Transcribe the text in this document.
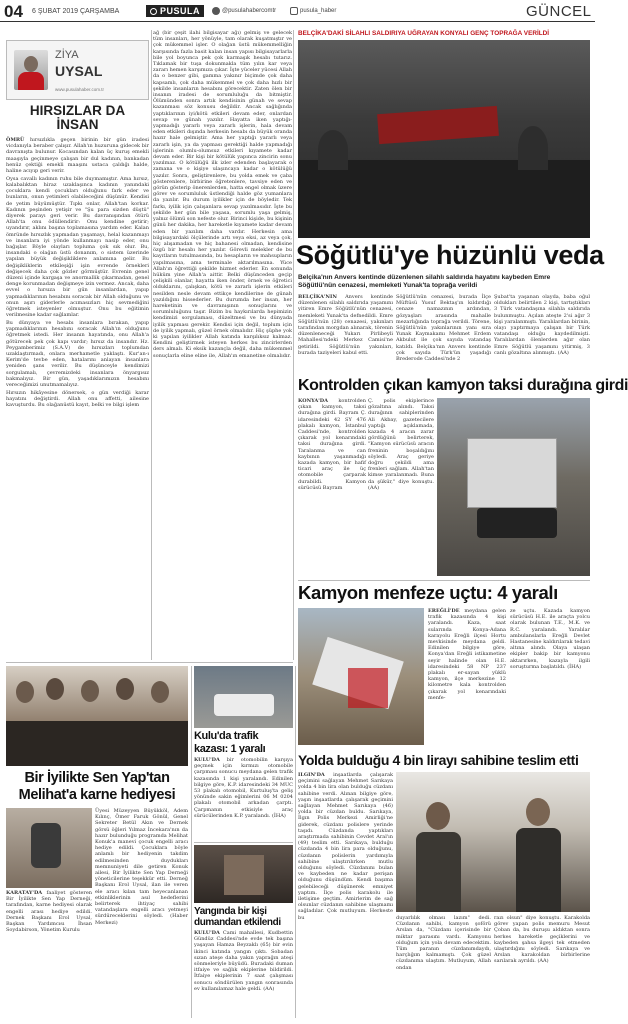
04 6 ŞUBAT 2019 ÇARŞAMBA	PUSULA	@pusulahabercomtr	pusula_haber	GÜNCEL
ZİYA
UYSAL
www.pusulahaber.com.tr
HIRSIZLAR DA
İNSAN

ÖMRÜ hırsızlıkla geçen birinin bir gün iradesi vicdanıyla beraber çalışır. Allah'ın huzuruna gidecek bir davranışta bulunur. Kocasından kalan üç kuruş emekli maaşıyla geçinmeye çalışan bir dul kadının, bankadan henüz çektiği emekli maaşını ustaca çaldığı halde, haline acıyıp geri verir.

Oysa cavallı kadının ruhu bile duymamıştır. Ama hırsız, kalabalıktan hiraz uzaklaşınca kadının yanındaki çocuklara kendi çocukları olduğunu fark eder ve bunların, onun yetimleri olabileceğini düşünür. Kendisi de yetim büyümüştür. Tıpkı onlar, Allah'tan korkar. Kadının peşinden yetişir ve "Şu para sizden düştü" diyerek parayı geri verir. Bu davranışından ötürü Allah'ta onu ödüllendirir: Onu kendine getirir; uyandırır, aklını başına toplamasına yardım eder. Kalan ömründe hırsızlık yapmadan yaşamayı, helal kazanmayı ve insanlara iyi yönde kullanmayı nasip eder, onu bağışlar. Böyle olayları topluma çok sık olur. Bu, insandaki o olağan üstü donanım, o sistem üzerinde yapılan büyük değişikliklere anlamına gelir. Bu değişikliklerin etkileşiği işin evrende örnekleri değişecek daha çok gözler görmüştür. Evrenin genel düzeni içinde kargaşa ve anormallik çıkarmadan, genel denge korunmadan değişmeye izin vermez. Ancak, daha evvel o hırsıza bir gün insanlardan, yapıp yapmadıklarının hesabını soracak bir Allah olduğunu ve onun aşırı giderlerle acımasızları hiç sevmediğini öğretmek isteyenler olmuştur. Onu bu eğitimin verilmesine kadar sağlamlar.

Bu dünyaya ve hesabı insanlara bırakan, yapıp yapmadıklarının hesabını soracak Allah'ın olduğunu öğretmek istedi. Her insanın hayatında, onu Allah'a götürecek pek çok kapı vardır; hırsız da insandır. Hz. Peygamberimiz (S.A.V) de hırsızları toplumdan uzaklaştırmadı, onlara merhametle yaklaştı. Kur'an-ı Kerim'de tevbe eden, hatalarını anlayan insanlara yeniden şans verilir. Bu düşünceyle kendimizi sorgulamalı, çevremizdeki insanlara önyargısız bakmalıyız. Bir gün, yaşadıklarımızın hesabını vereceğimizi unutmamalıyız.

Hırsızın hikâyesine dönersek, o gün verdiği karar hayatını değiştirdi. Allah onu affetti, ailesine kavuşturdu. Bu olağanüstü kayıt, belki ve bilgi işlem

ağ (bir çeşit ilahi bilgisayar ağı) gelmiş ve gelecek tüm insanları, her yönüyle, tam olarak kuşatmıştır ve çok mükemmel işler. O olağan üstü mükemmelliğin karşısında fazla basit kalan insan yapısı bilgisayarlarla bile yol boyunca pek çok karmaşık hesabı tutarız. Tıklamak bir tuşa dokunmakla tüm yılın kar veya zararı hemen karşımıza çıkar. İşte yüceler yücesi Allah da o benzer gibi, gamma yakınır biçimde çok daha kapsamlı, çok daha mükemmel ve çok daha hızlı bir şekilde insanların hesabını görecektir. Zaten ölen bir insanın iradesi de sorumluluğu da bitmiştir. Ölümünden sonra artık kendisinin günah ve sevap kazanması söz konusu değildir. Ancak sağlığında yaptıklarının iyi/kötü etkileri devam eder, onlardan sevap ve günah yazılır. Hayatta iken yaptığı- yapmadığı yararlı veya zararlı işlerin, hala devam eden etkileri dışında herkesin hesabı da büyük oranda hazır hale gelmiştir. Ama her yaptığı yararlı veya zararlı işin, ya da yapması gerektiği halde yapmadığı işlerinin olumlu-olumsuz etkileri kıyamete kadar devam eder. Bir kişi bir kötülük yapınca zincirin sonu yazılmaz. O kötülüğü ilk izler edenden başlayarak o zamana ve o kişiye ulaşıncaya kadar o kötülüğü yazılır. Sonra, geliştirenlere, bu yolda emek ve çaba gösterenlere, birbirine öğretenlere, tavsiye eden ve görün gösterip önerenlerden, hatta engel olmak üzere görev ve sorumluluk üstlendiği halde göz yumanlara da yazılır. Bu durum iyilikler için de böyledir. Tek farkı, iyilik için çalışanlara sevap yazılmasıdır. İşte bu şekilde her gün bile yaşasa, sorumlu yaşa gelmiş, yalnız ölümü son nefeste olur. Birinci kişide, bu kişinin günü her dakika, her hareketle kıyamete kadar devam eden bir yazılım daha vardır. Herkesin ama bilgisayardaki ölçülerinde artı veya eksi, az veya çok, hiç alışamadan ve hiç bahanesi olmadan, kendisine özgü bir hesabı her yazılır. Görevli melekler de bu kayıtların tutulmasında, bu hesapların ve mahsupların yapılmasına, ama terminale aktarılmasına. Yüce Allah'ın öğrettiği şekilde hizmet ederler. En sonunda hüküm yine Allah'a aittir. Belki düşünceden geçip çelişkili olanlar, hayatta iken önder, örnek ve öğretici olduklarını, çalışkan, kötü ve zararlı işlerin etkileri nesilden nesle devam ettikçe kendilerine de günah yazıldığını hissederler. Bu durumda her insan, her hareketinin ve davranışının sonuçlarını ve sorumluluğunu taşır. Bizim bu haykırılarda hepimizin kendimizi sorgulaması, düzeltmesi ve bu dünyada iyilik yapması gerekir. Kendisi için değil, toplum için de iyilik yapmalı, güzel örnek olmalıdır. Hiç şüphe yok ki yapılan iyilikler Allah katında karşılıksız kalmaz. Kendini geliştirmek isteyen herkes bu zincirlerden ders almalı. Ki eksik kazançla değil, daha mükemmel sonuçlarla eline eline ile, Allah'ın emanetine olmalıdır.
BELÇİKA'DAKİ SİLAHLI SALDIRIYA UĞRAYAN KONYALI GENÇ TOPRAĞA VERİLDİ
Söğütlü'ye hüzünlü veda
Belçika'nın Anvers kentinde düzenlenen silahlı saldırıda hayatını kaybeden Emre Söğütlü'nün cenazesi, memleketi Yunak'ta toprağa verildi
BELÇİKA'NIN Anvers kentinde düzenlenen silahlı saldırıda yaşamını yitiren Emre Söğütlü'nün cenazesi, memleketi Yunak'ta defnedildi. Emre Söğütlü'nün (28) cenazesi, yakınları tarafından morgdan alınarak, törenin düzenleneceği Yukarı Pirlibeyli Mahallesi'ndeki Merkez Camisi'ne getirildi. Söğütlü'nün yakınları, burada taziyeleri kabul etti.
Söğütlü'nün cenazesi, burada İlçe Müftüsü Yusuf Bektaş'ın kıldırdığı cenaze namazının ardından, gözyaşları arasında mahalle mezarlığında toprağa verildi. Törene, Söğütlü'nün yakınlarının yanı sıra Yunak Kaymakamı Mehmet Erdem Akbulut ile çok sayıda vatandaş katıldı. Belçika'nın Anvers kentinde çok sayıda Türk'ün yaşadığı Brederode Caddesi'nde 2
Şubat'ta yaşanan olayda, baba oğul oldukları belirtilen 2 kişi, tartıştıkları 3 Türk vatandaşına silahla saldırıda bulunmuştu. Açılan ateşte 2'si ağır 3 kişi yaralanmıştı. Yaralılardan birinin, olayı yaptırmaya çalışan bir Türk vatandaşı olduğu kaydedilmişti. Yaralılardan ölenlerden ağır olan Emre Söğütlü yaşamını yitirmiş, 3 canlı gözaltına alınmıştı. (AA)
Kontrolden çıkan kamyon taksi durağına girdi
KONYA'DA kontrolden çıkan kamyon, taksi durağına girdi. Bayram Ç. idaresindeki 42 SY 476 plakalı kamyon, İstanbul Caddesi'nde, kontrolden çıkarak yol kenarındaki taksi durağına girdi. Taralanma ve can kaybının yaşanmadığı kazada kamyon, bir hafif ticari araç ile üç otomobile çarparak durabildi. Kamyon sürücüsü Bayram
Ç. polis ekiplerince gözaltına alındı. Taksi durağının sahiplerinden Ali Akbay, gazetecilere yaptığı açıklamada, kazada 4 aracın zarar gördüğünü belirterek, "Kamyon sürücüsü aracın freninin boşaldığını söyledi. Araç geriye doğru çekildi ama frenleri sağlam. Allah'tan kimse yaralanmadı. Buna da şükür," diye konuştu. (AA)
Kamyon menfeze uçtu: 4 yaralı
EREĞLİ'DE meydana gelen trafik kazasında 4 kişi yaralandı. Kaza, saat sularında Konya-Adana karayolu Ereğli ilçesi Hortu mevkisinde meydana geldi. Edinilen bilgiye göre, Konya'dan Ereğli istikametine seyir halinde olan H.E. idaresindeki 58 NP 237 plakalı er-sayan yüklü kamyon, ilçe merkezine 12 kilometre kala kontrolden çıkarak yol kenarındaki menfe-
ze uçtu. Kazada kamyon sürücüsü H.E. ile araçta yolcu olarak bulunan T.E., M.K. ve R.C. yaralandı. Yaralılar ambulanslarla Ereğli Devlet Hastanesine kaldırılarak tedavi altına alındı. Olaya ulaşan ekipler bakip bir kamyonu aktarırken, kazayla ilgili soruşturma başlatıldı. (İHA)
Bir İyilikte Sen Yap'tan
Melihat'a karne hediyesi
KARATAY'DA faaliyet gösteren Bir İyilikte Sen Yap Derneği, tarafından, karne hediyesi olarak engelli arası hediye edildi. Dernek Başkanı Erol Uysal, Başkan Yardımcısı İhsan Soydabirson, Yönetim Kurulu
Üyesi Müzeyyen Büyükköl, Adem Kılınç, Ömer Faruk Gönül, Genel Sekreter Betül Akın ve Dernek görsü öğleri Yılmaz İncekara'nın da hazır bulunduğu programda Melihat Konuk'a manevi çocuk engelli aracı hediye edildi. Çocuklara böyle anlamlı bir hediyenin takdim edilmesinden duydukları memnuniyeti dile getiren Konuk ailesi, Bir İyilikte Sen Yap Derneği yöneticilerine teşekkür etti. Derneğ Başkanı Erol Uysal, ilan ile veren ele aracı kılan tam heyecanlanan etkinliklerinin asıl hedeflerini belirterek ihtiyaç sahibi vatandaşlara engelli aracı yetmeyi sürdüreceklerini söyledi. (Haber Merkezi)
Kulu'da trafik
kazası: 1 yaralı
KULU'DA bir otomobilin karşıya geçmek için kırmızı otomobile çarpması sonucu meydana gelen trafik kazasında 1 kişi yaralandı. Edinilen bilgiye göre, K.P. idaresindeki 34 MUC 53 plakalı otomobil, Kurtuluş'ta geliş yönünde sakin eğimlerini 06 M 0204 plakalı otomobil arkadan çarptı. Çarpmanın etkisiyle araç sürücülerinden K.P. yaralandı. (İHA)
Yangında bir kişi
dumandan etkilendi
KULU'DA Cami mahallesi, Kudbettin Gündüz Caddesi'nde evde tek başına yaşayan Hamza Beyzaklı (65) bir evin ikinci katında yangın çıktı. Sobadan sızan ateşe daha yakın yaprağın ateşi sönmeleriyle büyüdü. Buradaki duman itfaiye ve sağlık ekiplerine bildirildi. İtfaiye ekiplerinin 7 saat çalışması sonucu söndürülen yangın sonrasında ev kullanılamaz hale geldi. (AA)
Yolda bulduğu 4 bin lirayı sahibine teslim etti
ILGIN'DA inşaatlarda çalışarak geçimini sağlayan Mehmet Sarıkaya yolda 4 bin lira olan bulduğu cüzdanı sahibine verdi. Alınan bilgiye göre, yaşın inşaatlarda çalışarak geçimini sağlayan Mehmet Sarıkaya (46) yolda bir cüzdan buldu. Sarıkaya, İlgın Polis Merkezi Amirliği'ne giderek, cüzdanı polislere yerinde taşıdı. Cüzdanda yaptıkları araştırmada sahibinin Cevdet Aral'ın (49) teslim etti. Sarıkaya, bulduğu cüzdanda 4 bin lira para olduğunu, cüzdanın polislerin yardımıyla sahibine ulaştırılırken mutlu olduğunu söyledi. Cüzdanını bulan ve kaybeden ne kadar perişan olduğunu düşündüm. Kendi başıma gelebileceği düşünerek emniyet yaptım. İlçe polis karakolu ile iletişime geçtim. Amirlerim de sağ olsunlar cüzdanın sahibine ulaşmamı sağladılar. Çok mutluyum. Herkeste bu	duyarlılık olması lazım" dedi. Cüzdanın sahibi, kamyon şoförü Arslan da, "Cüzdanı içerisinde bir miktar parasını vardı. Kamyonu olduğum için yola devam edecektim. Tüm paranın cüzdanımdaydı, harçlığım kalmamıştı. Çok güzel cüzdanıma ulaştım. Mutluyum, Allah ondan
razı olsun" diye konuştu. Karakolda görev yapan polis memuru Mesut Çoban da, bu duruşu aldıktan sonra herkes hareketle geçiklerini ve kaybeden şahsa ilgeyi tek etmeden ulaştırdığını söyledi. Sarıkaya ve Arslan karakoldan birbirlerine sarılarak ayrıldı. (AA)
